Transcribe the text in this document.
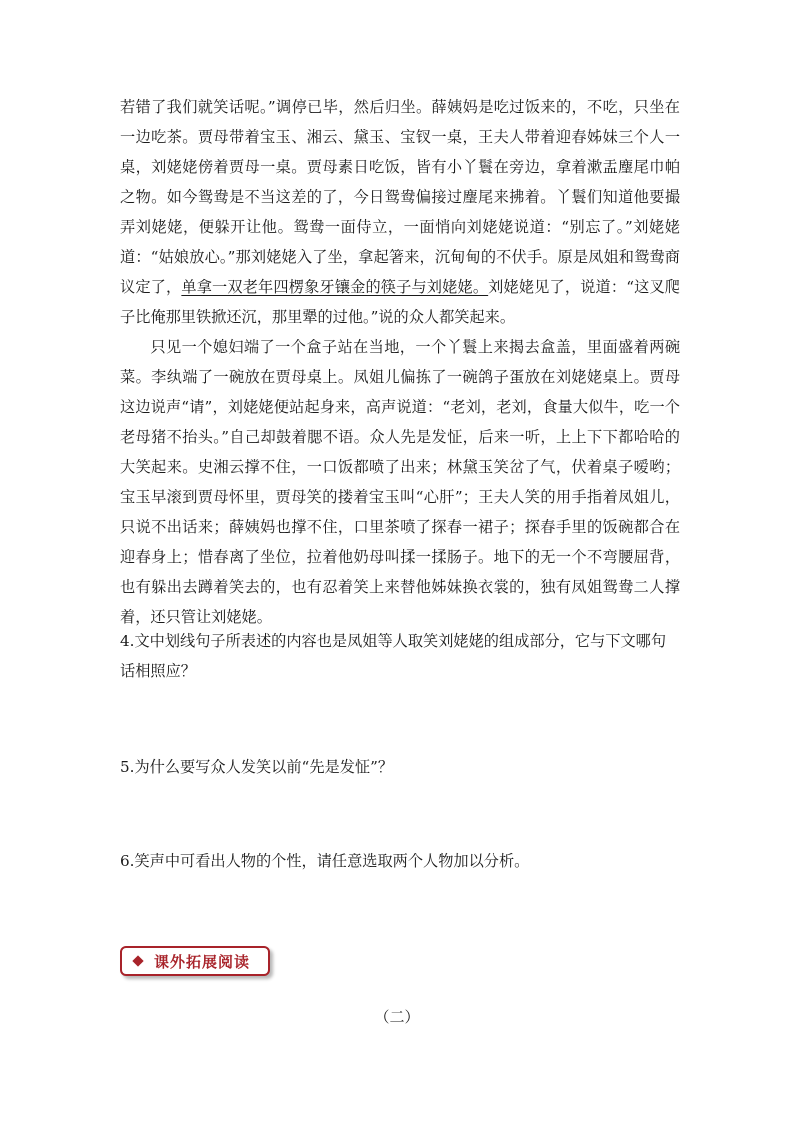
若错了我们就笑话呢。”调停已毕，然后归坐。薛姨妈是吃过饭来的，不吃，只坐在一边吃茶。贾母带着宝玉、湘云、黛玉、宝钗一桌，王夫人带着迎春姊妹三个人一桌，刘姥姥傍着贾母一桌。贾母素日吃饭，皆有小丫鬟在旁边，拿着漱盂麈尾巾帕之物。如今鸳鸯是不当这差的了，今日鸳鸯偏接过麈尾来拂着。丫鬟们知道他要撮弄刘姥姥，便躲开让他。鸳鸯一面侍立，一面悄向刘姥姥说道：“别忘了。”刘姥姥道：“姑娘放心。”那刘姥姥入了坐，拿起箸来，沉甸甸的不伏手。原是凤姐和鸳鸯商议定了，单拿一双老年四楞象牙镶金的筷子与刘姥姥。刘姥姥见了，说道：“这叉爬子比俺那里铁掀还沉，那里犟的过他。”说的众人都笑起来。

只见一个媳妇端了一个盒子站在当地，一个丫鬟上来揭去盒盖，里面盛着两碗菜。李纨端了一碗放在贾母桌上。凤姐儿偏拣了一碗鸽子蛋放在刘姥姥桌上。贾母这边说声“请”，刘姥姥便站起身来，高声说道：“老刘，老刘，食量大似牛，吃一个老母猪不抬头。”自己却鼓着腮不语。众人先是发怔，后来一听，上上下下都哈哈的大笑起来。史湘云撑不住，一口饭都喷了出来；林黛玉笑岔了气，伏着桌子嗳哟；宝玉早滚到贾母怀里，贾母笑的搂着宝玉叫“心肝”；王夫人笑的用手指着凤姐儿，只说不出话来；薛姨妈也撑不住，口里茶喷了探春一裙子；探春手里的饭碗都合在迎春身上；惜春离了坐位，拉着他奶母叫揉一揉肠子。地下的无一个不弯腰屈背，也有躲出去蹲着笑去的，也有忍着笑上来替他姊妹换衣裳的，独有凤姐鸳鸯二人撑着，还只管让刘姥姥。

4.文中划线句子所表述的内容也是凤姐等人取笑刘姥姥的组成部分，它与下文哪句话相照应？

5.为什么要写众人发笑以前“先是发怔”？

6.笑声中可看出人物的个性，请任意选取两个人物加以分析。

课外拓展阅读
（二）
